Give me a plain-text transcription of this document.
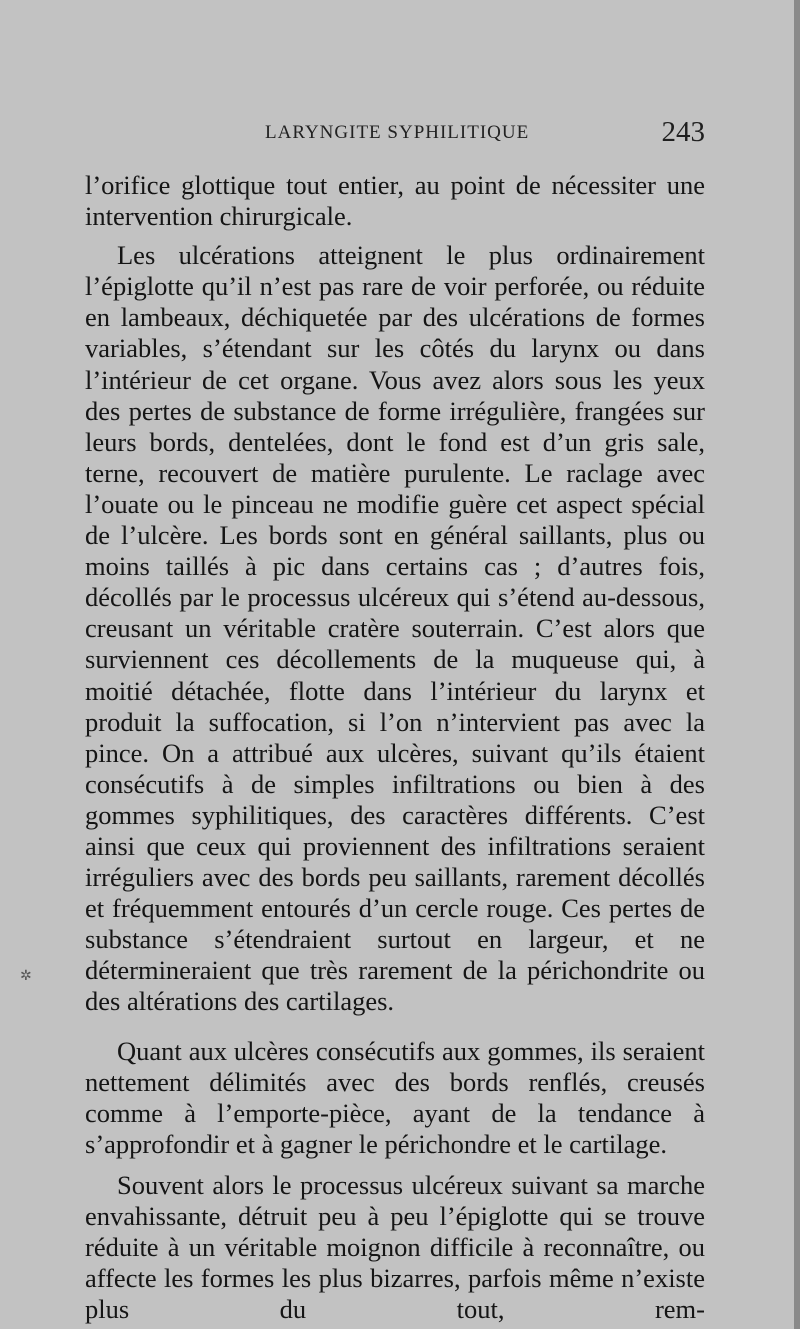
LARYNGITE SYPHILITIQUE	243

l’orifice glottique tout entier, au point de nécessiter une intervention chirurgicale.

Les ulcérations atteignent le plus ordinairement l’épiglotte qu’il n’est pas rare de voir perforée, ou réduite en lambeaux, déchiquetée par des ulcérations de formes variables, s’étendant sur les côtés du larynx ou dans l’intérieur de cet organe. Vous avez alors sous les yeux des pertes de substance de forme irrégulière, frangées sur leurs bords, dentelées, dont le fond est d’un gris sale, terne, recouvert de matière purulente. Le raclage avec l’ouate ou le pinceau ne modifie guère cet aspect spécial de l’ulcère. Les bords sont en général saillants, plus ou moins taillés à pic dans certains cas ; d’autres fois, décollés par le processus ulcéreux qui s’étend au-dessous, creusant un véritable cratère souterrain. C’est alors que surviennent ces décollements de la muqueuse qui, à moitié détachée, flotte dans l’intérieur du larynx et produit la suffocation, si l’on n’intervient pas avec la pince. On a attribué aux ulcères, suivant qu’ils étaient consécutifs à de simples infiltrations ou bien à des gommes syphilitiques, des caractères différents. C’est ainsi que ceux qui proviennent des infiltrations seraient irréguliers avec des bords peu saillants, rarement décollés et fréquemment entourés d’un cercle rouge. Ces pertes de substance s’étendraient surtout en largeur, et ne détermineraient que très rarement de la périchondrite ou des altérations des cartilages.

Quant aux ulcères consécutifs aux gommes, ils seraient nettement délimités avec des bords renflés, creusés comme à l’emporte-pièce, ayant de la tendance à s’approfondir et à gagner le périchondre et le cartilage.

Souvent alors le processus ulcéreux suivant sa marche envahissante, détruit peu à peu l’épiglotte qui se trouve réduite à un véritable moignon difficile à reconnaître, ou affecte les formes les plus bizarres, parfois même n’existe plus du tout, rem-

✲
